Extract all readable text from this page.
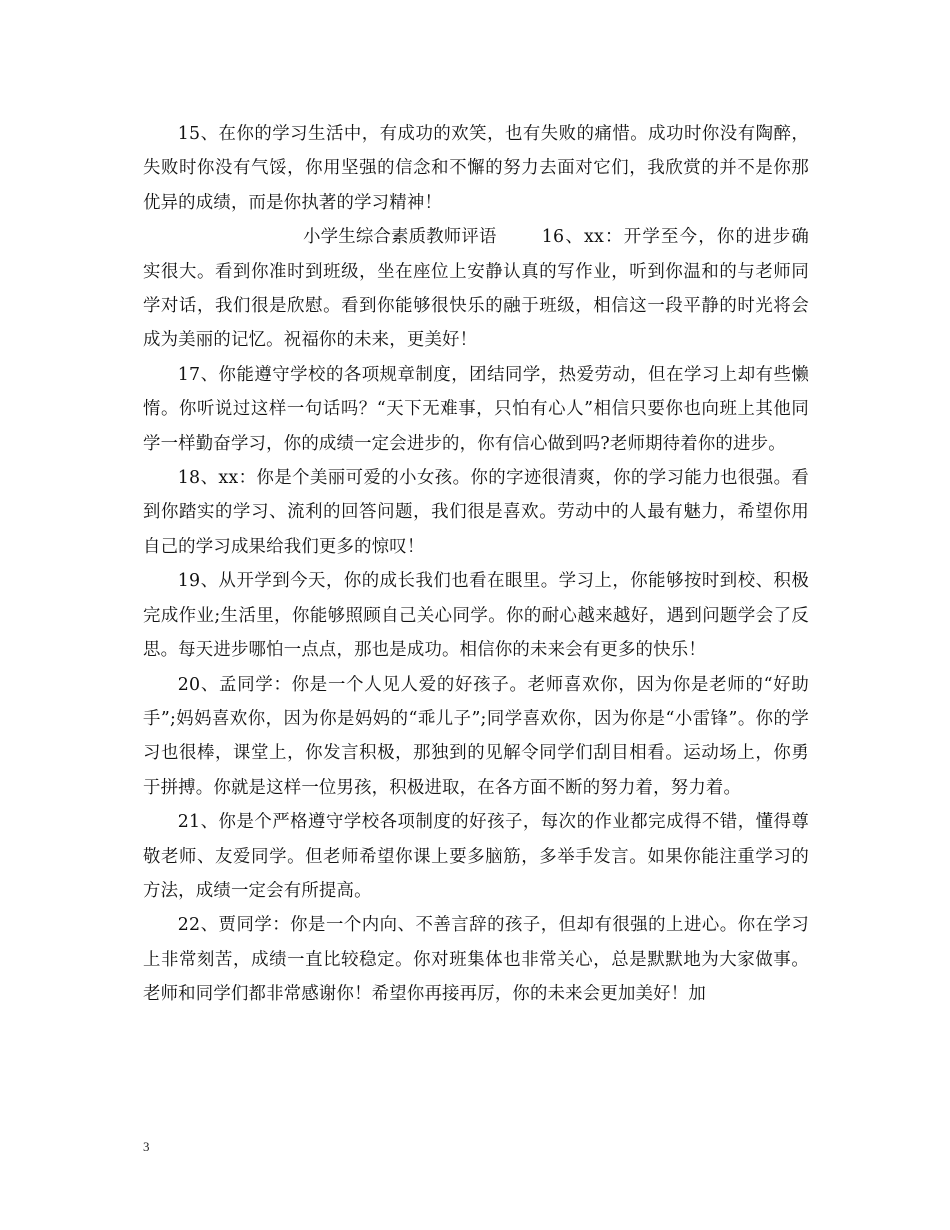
15、在你的学习生活中，有成功的欢笑，也有失败的痛惜。成功时你没有陶醉，失败时你没有气馁，你用坚强的信念和不懈的努力去面对它们，我欣赏的并不是你那优异的成绩，而是你执著的学习精神！

小学生综合素质教师评语	16、xx：开学至今，你的进步确实很大。看到你准时到班级，坐在座位上安静认真的写作业，听到你温和的与老师同学对话，我们很是欣慰。看到你能够很快乐的融于班级，相信这一段平静的时光将会成为美丽的记忆。祝福你的未来，更美好！

17、你能遵守学校的各项规章制度，团结同学，热爱劳动，但在学习上却有些懒惰。你听说过这样一句话吗？“天下无难事，只怕有心人”相信只要你也向班上其他同学一样勤奋学习，你的成绩一定会进步的，你有信心做到吗?老师期待着你的进步。

18、xx：你是个美丽可爱的小女孩。你的字迹很清爽，你的学习能力也很强。看到你踏实的学习、流利的回答问题，我们很是喜欢。劳动中的人最有魅力，希望你用自己的学习成果给我们更多的惊叹！

19、从开学到今天，你的成长我们也看在眼里。学习上，你能够按时到校、积极完成作业;生活里，你能够照顾自己关心同学。你的耐心越来越好，遇到问题学会了反思。每天进步哪怕一点点，那也是成功。相信你的未来会有更多的快乐！

20、孟同学：你是一个人见人爱的好孩子。老师喜欢你，因为你是老师的“好助手”;妈妈喜欢你，因为你是妈妈的“乖儿子”;同学喜欢你，因为你是“小雷锋”。你的学习也很棒，课堂上，你发言积极，那独到的见解令同学们刮目相看。运动场上，你勇于拼搏。你就是这样一位男孩，积极进取，在各方面不断的努力着，努力着。

21、你是个严格遵守学校各项制度的好孩子，每次的作业都完成得不错，懂得尊敬老师、友爱同学。但老师希望你课上要多脑筋，多举手发言。如果你能注重学习的方法，成绩一定会有所提高。

22、贾同学：你是一个内向、不善言辞的孩子，但却有很强的上进心。你在学习上非常刻苦，成绩一直比较稳定。你对班集体也非常关心，总是默默地为大家做事。老师和同学们都非常感谢你！希望你再接再厉，你的未来会更加美好！加

3
